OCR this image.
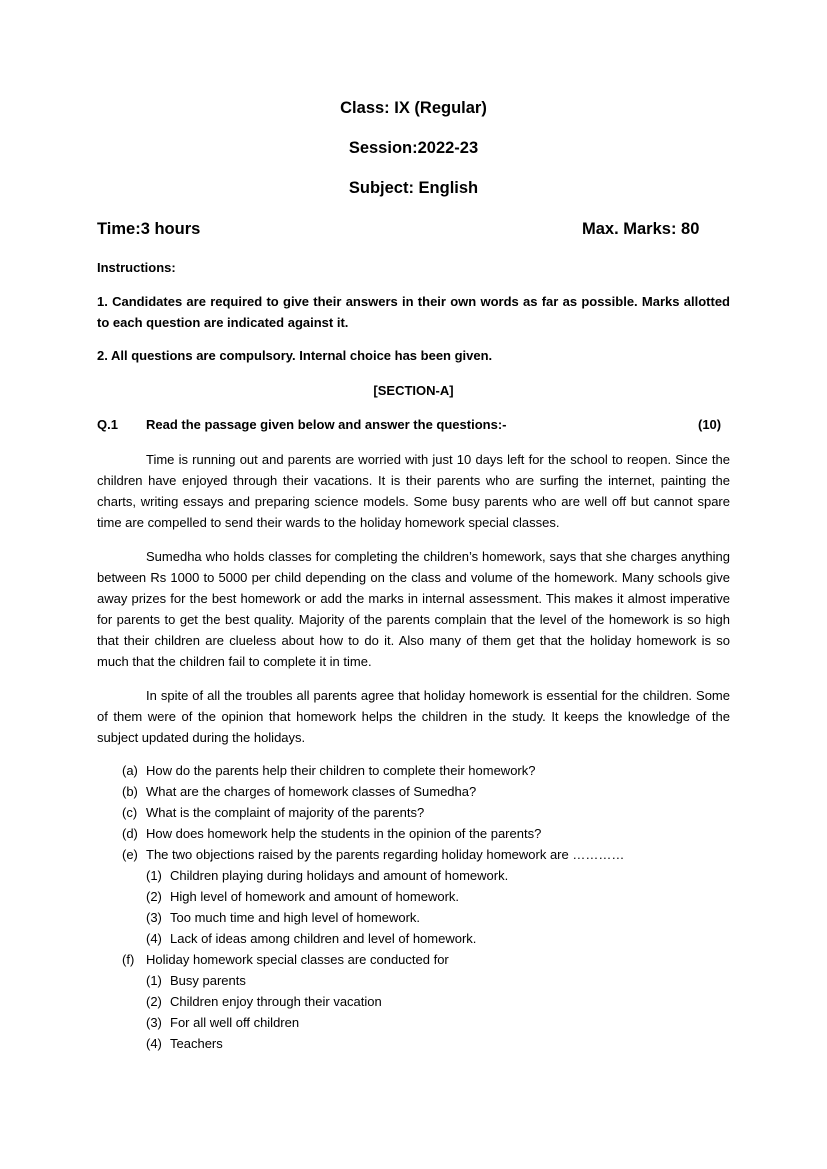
Class: IX (Regular)
Session:2022-23
Subject: English
Time:3 hours	Max. Marks: 80
Instructions:
1. Candidates are required to give their answers in their own words as far as possible. Marks allotted to each question are indicated against it.
2. All questions are compulsory. Internal choice has been given.
[SECTION-A]
Q.1 Read the passage given below and answer the questions:-	(10)
Time is running out and parents are worried with just 10 days left for the school to reopen. Since the children have enjoyed through their vacations. It is their parents who are surfing the internet, painting the charts, writing essays and preparing science models. Some busy parents who are well off but cannot spare time are compelled to send their wards to the holiday homework special classes.
Sumedha who holds classes for completing the children’s homework, says that she charges anything between Rs 1000 to 5000 per child depending on the class and volume of the homework. Many schools give away prizes for the best homework or add the marks in internal assessment. This makes it almost imperative for parents to get the best quality. Majority of the parents complain that the level of the homework is so high that their children are clueless about how to do it. Also many of them get that the holiday homework is so much that the children fail to complete it in time.
In spite of all the troubles all parents agree that holiday homework is essential for the children. Some of them were of the opinion that homework helps the children in the study. It keeps the knowledge of the subject updated during the holidays.
(a) How do the parents help their children to complete their homework?
(b) What are the charges of homework classes of Sumedha?
(c) What is the complaint of majority of the parents?
(d) How does homework help the students in the opinion of the parents?
(e) The two objections raised by the parents regarding holiday homework are …………
(1) Children playing during holidays and amount of homework.
(2) High level of homework and amount of homework.
(3) Too much time and high level of homework.
(4) Lack of ideas among children and level of homework.
(f) Holiday homework special classes are conducted for
(1) Busy parents
(2) Children enjoy through their vacation
(3) For all well off children
(4) Teachers
